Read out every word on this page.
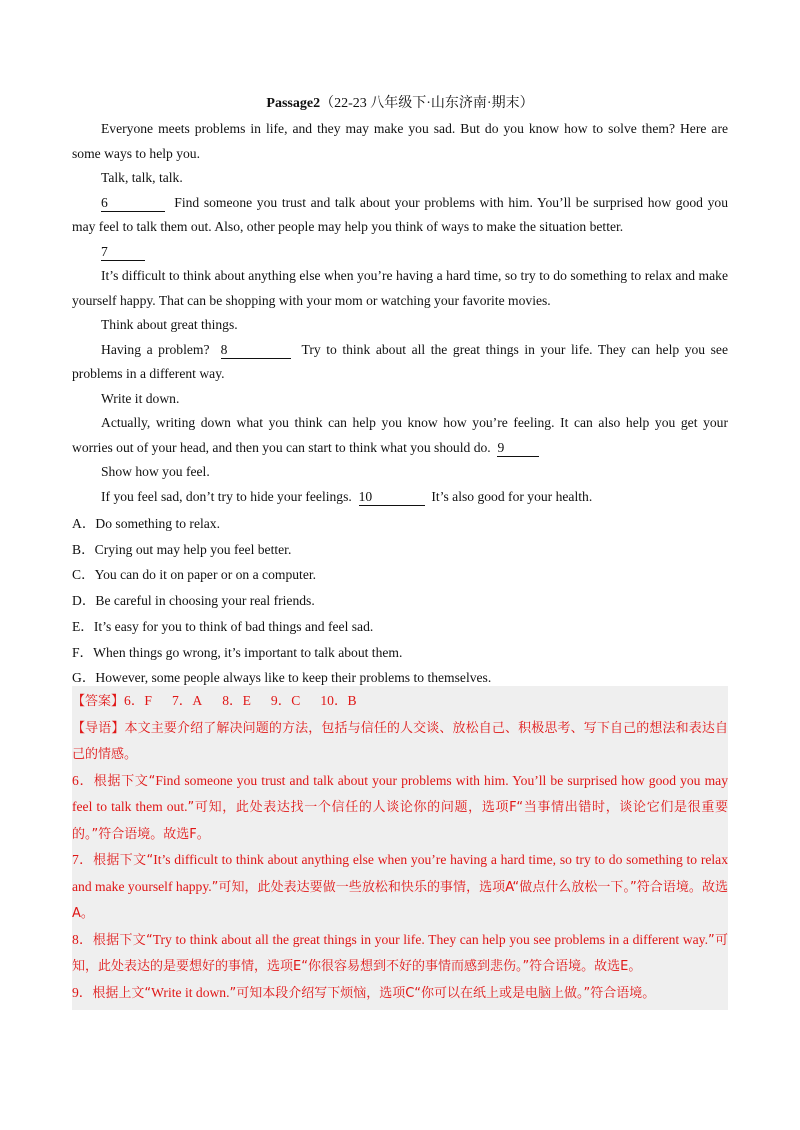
Passage2（22-23 八年级下·山东济南·期末）

Everyone meets problems in life, and they may make you sad. But do you know how to solve them? Here are some ways to help you.

Talk, talk, talk.

6	Find someone you trust and talk about your problems with him. You’ll be surprised how good you may feel to talk them out. Also, other people may help you think of ways to make the situation better.

7

It’s difficult to think about anything else when you’re having a hard time, so try to do something to relax and make yourself happy. That can be shopping with your mom or watching your favorite movies.

Think about great things.

Having a problem? 8	Try to think about all the great things in your life. They can help you see problems in a different way.

Write it down.

Actually, writing down what you think can help you know how you’re feeling. It can also help you get your worries out of your head, and then you can start to think what you should do. 9

Show how you feel.

If you feel sad, don’t try to hide your feelings. 10	It’s also good for your health.

A．Do something to relax.

B．Crying out may help you feel better.

C．You can do it on paper or on a computer.

D．Be careful in choosing your real friends.

E．It’s easy for you to think of bad things and feel sad.

F．When things go wrong, it’s important to talk about them.

G．However, some people always like to keep their problems to themselves.

【答案】6．F 7．A 8．E 9．C 10．B

【导语】本文主要介绍了解决问题的方法，包括与信任的人交谈、放松自己、积极思考、写下自己的想法和表达自己的情感。

6．根据下文“Find someone you trust and talk about your problems with him. You’ll be surprised how good you may feel to talk them out.”可知，此处表达找一个信任的人谈论你的问题，选项F“当事情出错时，谈论它们是很重要的。”符合语境。故选F。

7．根据下文“It’s difficult to think about anything else when you’re having a hard time, so try to do something to relax and make yourself happy.”可知，此处表达要做一些放松和快乐的事情，选项A“做点什么放松一下。”符合语境。故选A。

8．根据下文“Try to think about all the great things in your life. They can help you see problems in a different way.”可知，此处表达的是要想好的事情，选项E“你很容易想到不好的事情而感到悲伤。”符合语境。故选E。

9．根据上文“Write it down.”可知本段介绍写下烦恼，选项C“你可以在纸上或是电脑上做。”符合语境。
